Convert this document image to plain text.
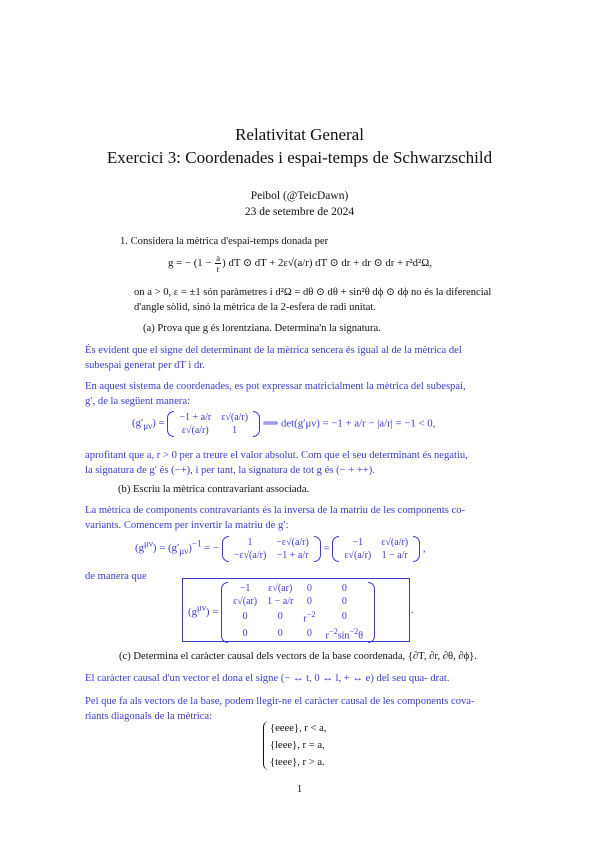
Relativitat General
Exercici 3: Coordenades i espai-temps de Schwarzschild
Peibol (@TeicDawn)
23 de setembre de 2024
1. Considera la mètrica d'espai-temps donada per
g = − ($1 - \frac{a}{r}$ ) dT ⊙ dT + 2ε√(a/r) dT ⊙ dr + dr ⊙ dr + r²d²Ω,
on a > 0, ε = ±1 són paràmetres i d²Ω = dθ ⊙ dθ + sin²θ dϕ ⊙ dϕ no és la diferencial
d'angle sòlid, sinó la mètrica de la 2-esfera de radi unitat.
(a) Prova que g és lorentziana. Determina'n la signatura.
És evident que el signe del determinant de la mètrica sencera és igual al de la mètrica del
subespai generat per dT i dr.
En aquest sistema de coordenades, es pot expressar matricialment la mètrica del subespai,
g′, de la següent manera:
$(g'_{\mu\nu}) = -1 + a/r$	ε√(a/r)
ε√(a/r)	1
⟹ det(g′μν) = −1 + a/r − |a/r| = −1 < 0,
aprofitant que a, r > 0 per a treure el valor absolut. Com que el seu determinant és negatiu,
la signatura de g′ és (−+), i per tant, la signatura de tot g és (− + ++).
(b) Escriu la mètrica contravariant associada.
La mètrica de components contravariants és la inversa de la matriu de les components co-
variants. Comencem per invertir la matriu de g′:
$(g^{\mu\nu}) = (g'_{\mu\nu})^{-1}$ = −	1	−ε√(a/r)
−ε√(a/r)	−1 + a/r
= −1	ε√(a/r)
ε√(a/r)	1 − a/r
,
de manera que
$(g^{\mu\nu})$ =
−1	ε√(ar)	0	0
ε√(ar)	1 − a/r	0	0
0	0	$r^{-2}$	0
0	0	0	$r^{-2}\sin^{-2}\theta$
.
(c) Determina el caràcter causal dels vectors de la base coordenada, {∂T, ∂r, ∂θ, ∂ϕ}.
El caràcter causal d'un vector el dona el signe (− ↔ t, 0 ↔ l, + ↔ e) del seu qua- drat.
Pel que fa als vectors de la base, podem llegir-ne el caràcter causal de les components cova-
riants diagonals de la mètrica:
{eeee}, r < a,
{leee}, r = a,
{teee}, r > a.
1
